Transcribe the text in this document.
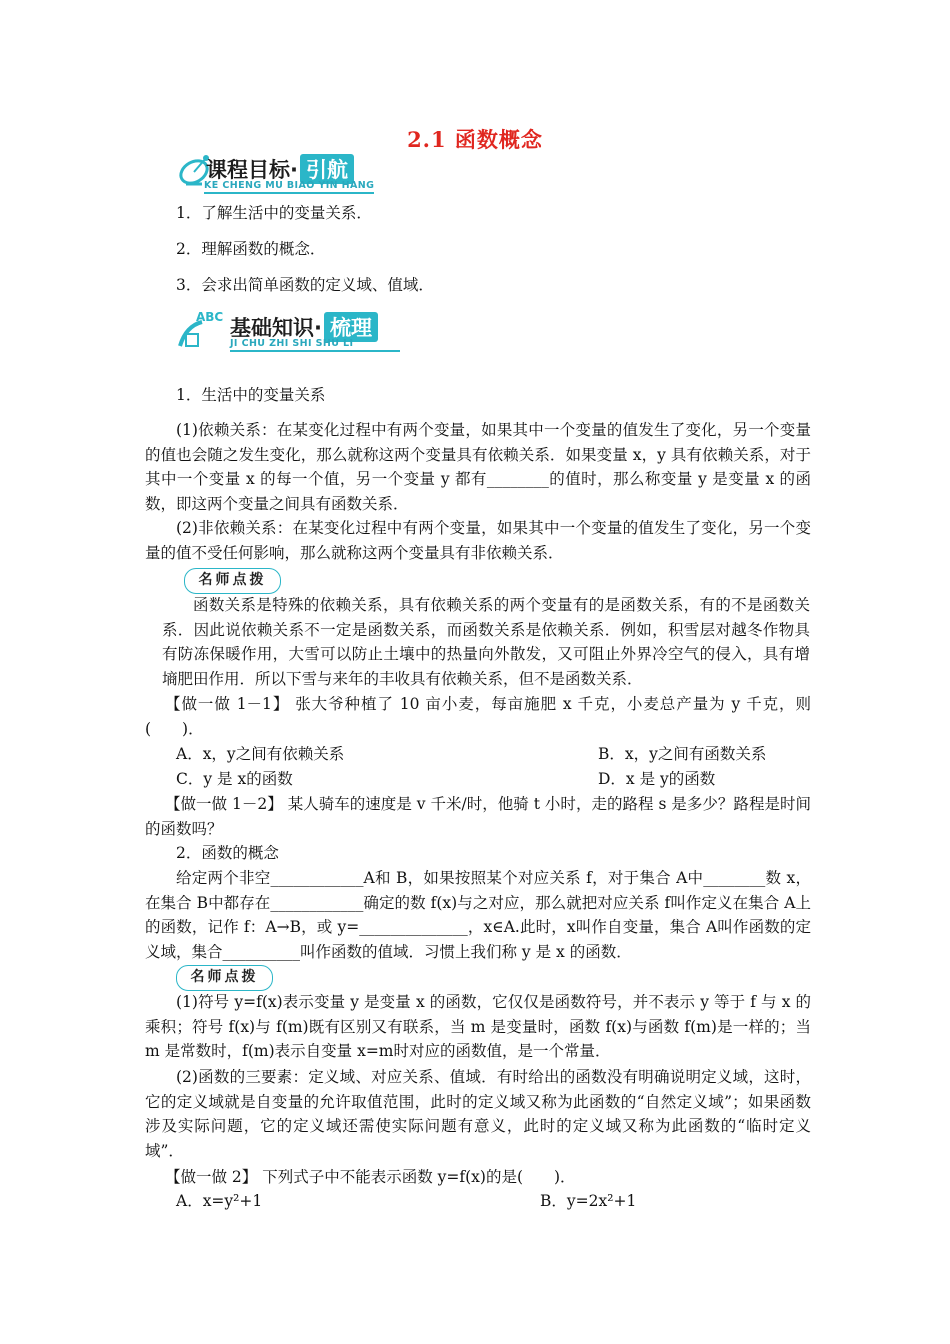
2.1 函数概念
课程目标· 引航
KE CHENG MU BIAO YIN HANG
1．了解生活中的变量关系．
2．理解函数的概念．
3．会求出简单函数的定义域、值域．
ABC 基础知识· 梳理
JI CHU ZHI SHI SHU LI
1．生活中的变量关系
(1)依赖关系：在某变化过程中有两个变量，如果其中一个变量的值发生了变化，另一个变量的值也会随之发生变化，那么就称这两个变量具有依赖关系．如果变量 x，y 具有依赖关系，对于其中一个变量 x 的每一个值，另一个变量 y 都有________的值时，那么称变量 y 是变量 x 的函数，即这两个变量之间具有函数关系．
(2)非依赖关系：在某变化过程中有两个变量，如果其中一个变量的值发生了变化，另一个变量的值不受任何影响，那么就称这两个变量具有非依赖关系．
名师点拨
函数关系是特殊的依赖关系，具有依赖关系的两个变量有的是函数关系，有的不是函数关系．因此说依赖关系不一定是函数关系，而函数关系是依赖关系．例如，积雪层对越冬作物具有防冻保暖作用，大雪可以防止土壤中的热量向外散发，又可阻止外界冷空气的侵入，具有增墒肥田作用．所以下雪与来年的丰收具有依赖关系，但不是函数关系．
【做一做 1－1】 张大爷种植了 10 亩小麦，每亩施肥 x 千克，小麦总产量为 y 千克，则(　　)．
A．x，y之间有依赖关系	B．x，y之间有函数关系
C．y 是 x的函数	D．x 是 y的函数
【做一做 1－2】 某人骑车的速度是 v 千米/时，他骑 t 小时，走的路程 s 是多少？路程是时间的函数吗？
2．函数的概念
给定两个非空____________A和 B，如果按照某个对应关系 f，对于集合 A中________数 x，在集合 B中都存在____________确定的数 f(x)与之对应，那么就把对应关系 f叫作定义在集合 A上的函数，记作 f：A→B，或 y=______________，x∈A.此时，x叫作自变量，集合 A叫作函数的定义域，集合__________叫作函数的值域．习惯上我们称 y 是 x 的函数．
名师点拨
(1)符号 y=f(x)表示变量 y 是变量 x 的函数，它仅仅是函数符号，并不表示 y 等于 f 与 x 的乘积；符号 f(x)与 f(m)既有区别又有联系，当 m 是变量时，函数 f(x)与函数 f(m)是一样的；当 m 是常数时，f(m)表示自变量 x=m时对应的函数值，是一个常量．
(2)函数的三要素：定义域、对应关系、值域．有时给出的函数没有明确说明定义域，这时，它的定义域就是自变量的允许取值范围，此时的定义域又称为此函数的“自然定义域”；如果函数涉及实际问题，它的定义域还需使实际问题有意义，此时的定义域又称为此函数的“临时定义域”．
【做一做 2】 下列式子中不能表示函数 y=f(x)的是(　　)．
A．x=y²+1	B．y=2x²+1
